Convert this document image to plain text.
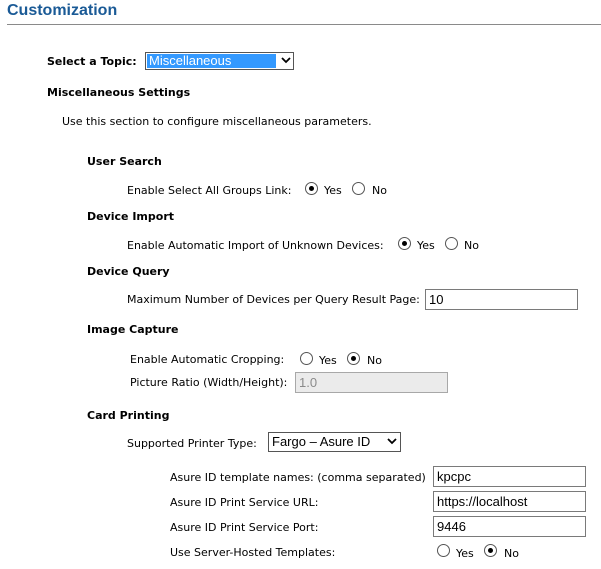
Customization
Select a Topic: Miscellaneous
Miscellaneous Settings
Use this section to configure miscellaneous parameters.
User Search
Enable Select All Groups Link:	Yes	No
Device Import
Enable Automatic Import of Unknown Devices:	Yes	No
Device Query
Maximum Number of Devices per Query Result Page: 10
Image Capture
Enable Automatic Cropping:	Yes	No
Picture Ratio (Width/Height): 1.0
Card Printing
Supported Printer Type: Fargo – Asure ID
Asure ID template names: (comma separated) kpcpc
Asure ID Print Service URL:	https://localhost
Asure ID Print Service Port:	9446
Use Server-Hosted Templates:	Yes	No
